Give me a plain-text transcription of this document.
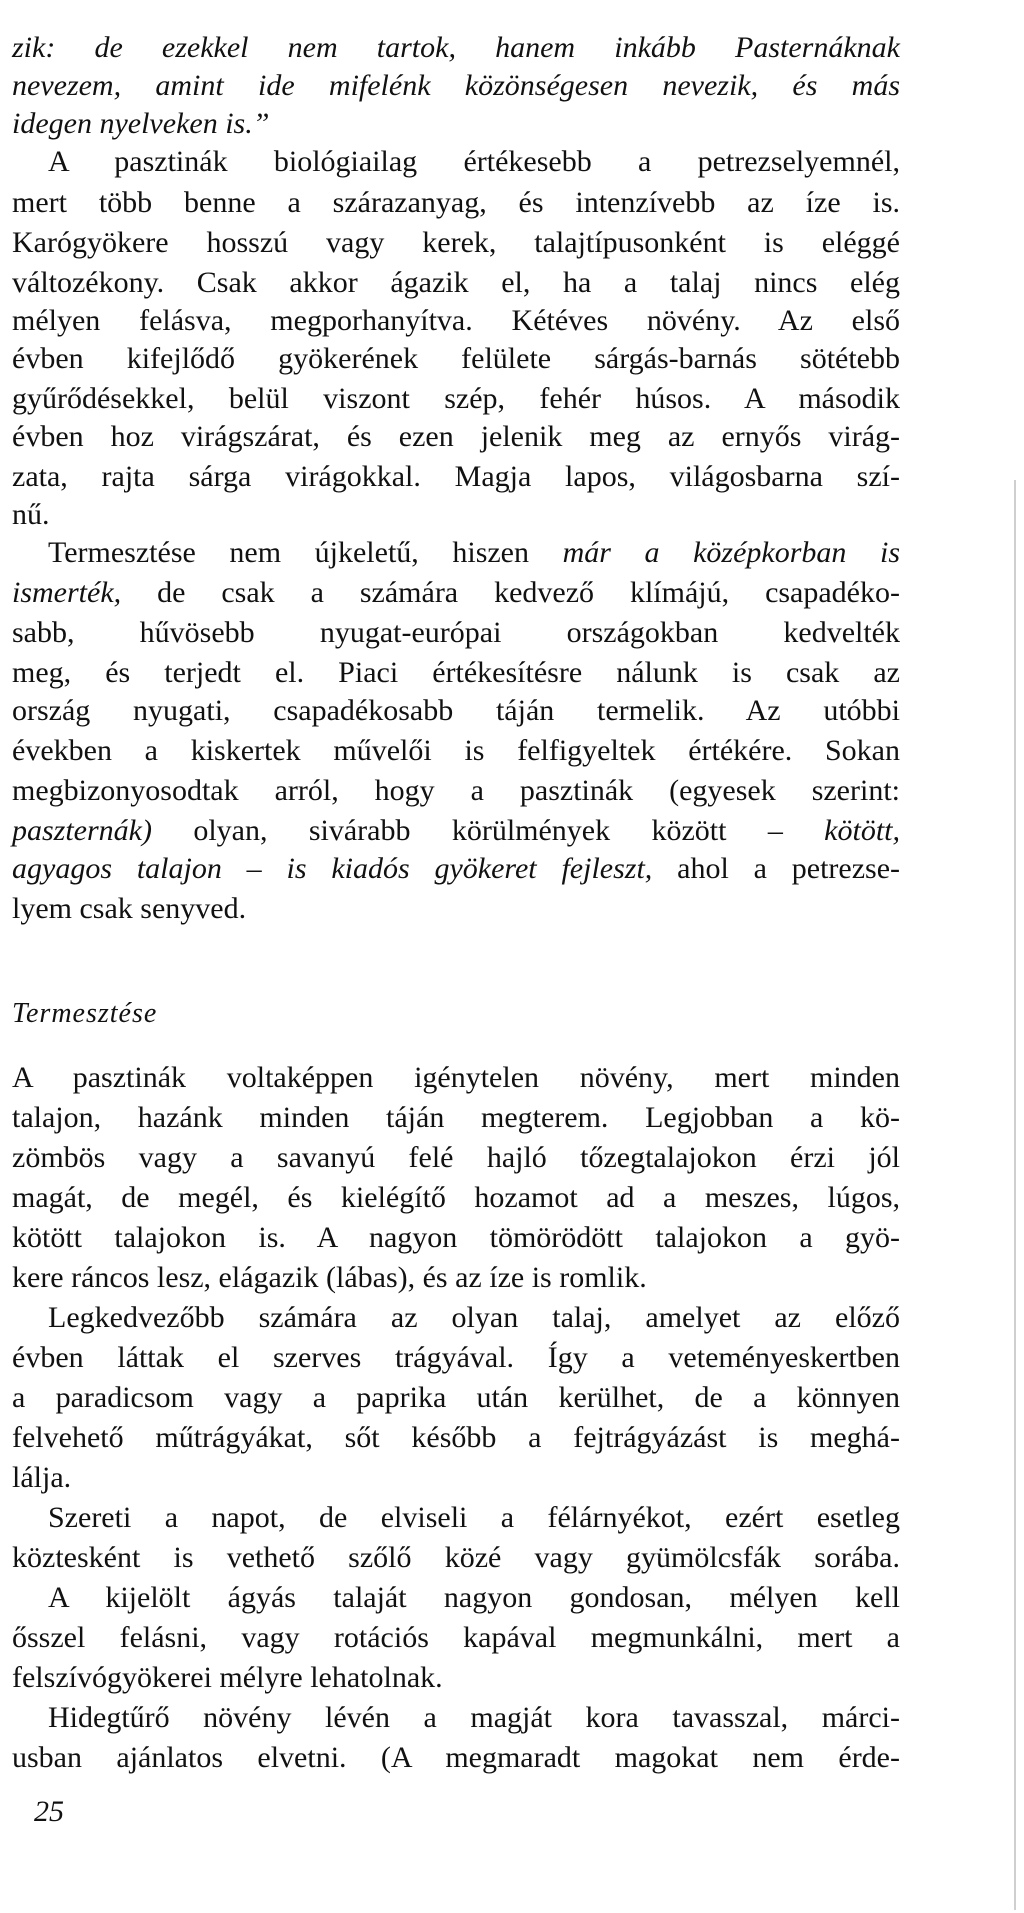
zik: de ezekkel nem tartok, hanem inkább Pasternáknak
nevezem, amint ide mifelénk közönségesen nevezik, és más
idegen nyelveken is.”
A pasztinák biológiailag értékesebb a petrezselyemnél,
mert több benne a szárazanyag, és intenzívebb az íze is.
Karógyökere hosszú vagy kerek, talajtípusonként is eléggé
változékony. Csak akkor ágazik el, ha a talaj nincs elég
mélyen felásva, megporhanyítva. Kétéves növény. Az első
évben kifejlődő gyökerének felülete sárgás-barnás sötétebb
gyűrődésekkel, belül viszont szép, fehér húsos. A második
évben hoz virágszárat, és ezen jelenik meg az ernyős virág-
zata, rajta sárga virágokkal. Magja lapos, világosbarna szí-
nű.
Termesztése nem újkeletű, hiszen már a középkorban is
ismerték, de csak a számára kedvező klímájú, csapadéko-
sabb, hűvösebb nyugat-európai országokban kedvelték
meg, és terjedt el. Piaci értékesítésre nálunk is csak az
ország nyugati, csapadékosabb táján termelik. Az utóbbi
években a kiskertek művelői is felfigyeltek értékére. Sokan
megbizonyosodtak arról, hogy a pasztinák (egyesek szerint:
paszternák) olyan, sivárabb körülmények között – kötött,
agyagos talajon – is kiadós gyökeret fejleszt, ahol a petrezse-
lyem csak senyved.
Termesztése
A pasztinák voltaképpen igénytelen növény, mert minden
talajon, hazánk minden táján megterem. Legjobban a kö-
zömbös vagy a savanyú felé hajló tőzegtalajokon érzi jól
magát, de megél, és kielégítő hozamot ad a meszes, lúgos,
kötött talajokon is. A nagyon tömörödött talajokon a gyö-
kere ráncos lesz, elágazik (lábas), és az íze is romlik.
Legkedvezőbb számára az olyan talaj, amelyet az előző
évben láttak el szerves trágyával. Így a veteményeskertben
a paradicsom vagy a paprika után kerülhet, de a könnyen
felvehető műtrágyákat, sőt később a fejtrágyázást is meghá-
lálja.
Szereti a napot, de elviseli a félárnyékot, ezért esetleg
köztesként is vethető szőlő közé vagy gyümölcsfák sorába.
A kijelölt ágyás talaját nagyon gondosan, mélyen kell
ősszel felásni, vagy rotációs kapával megmunkálni, mert a
felszívógyökerei mélyre lehatolnak.
Hidegtűrő növény lévén a magját kora tavasszal, márci-
usban ajánlatos elvetni. (A megmaradt magokat nem érde-
25
